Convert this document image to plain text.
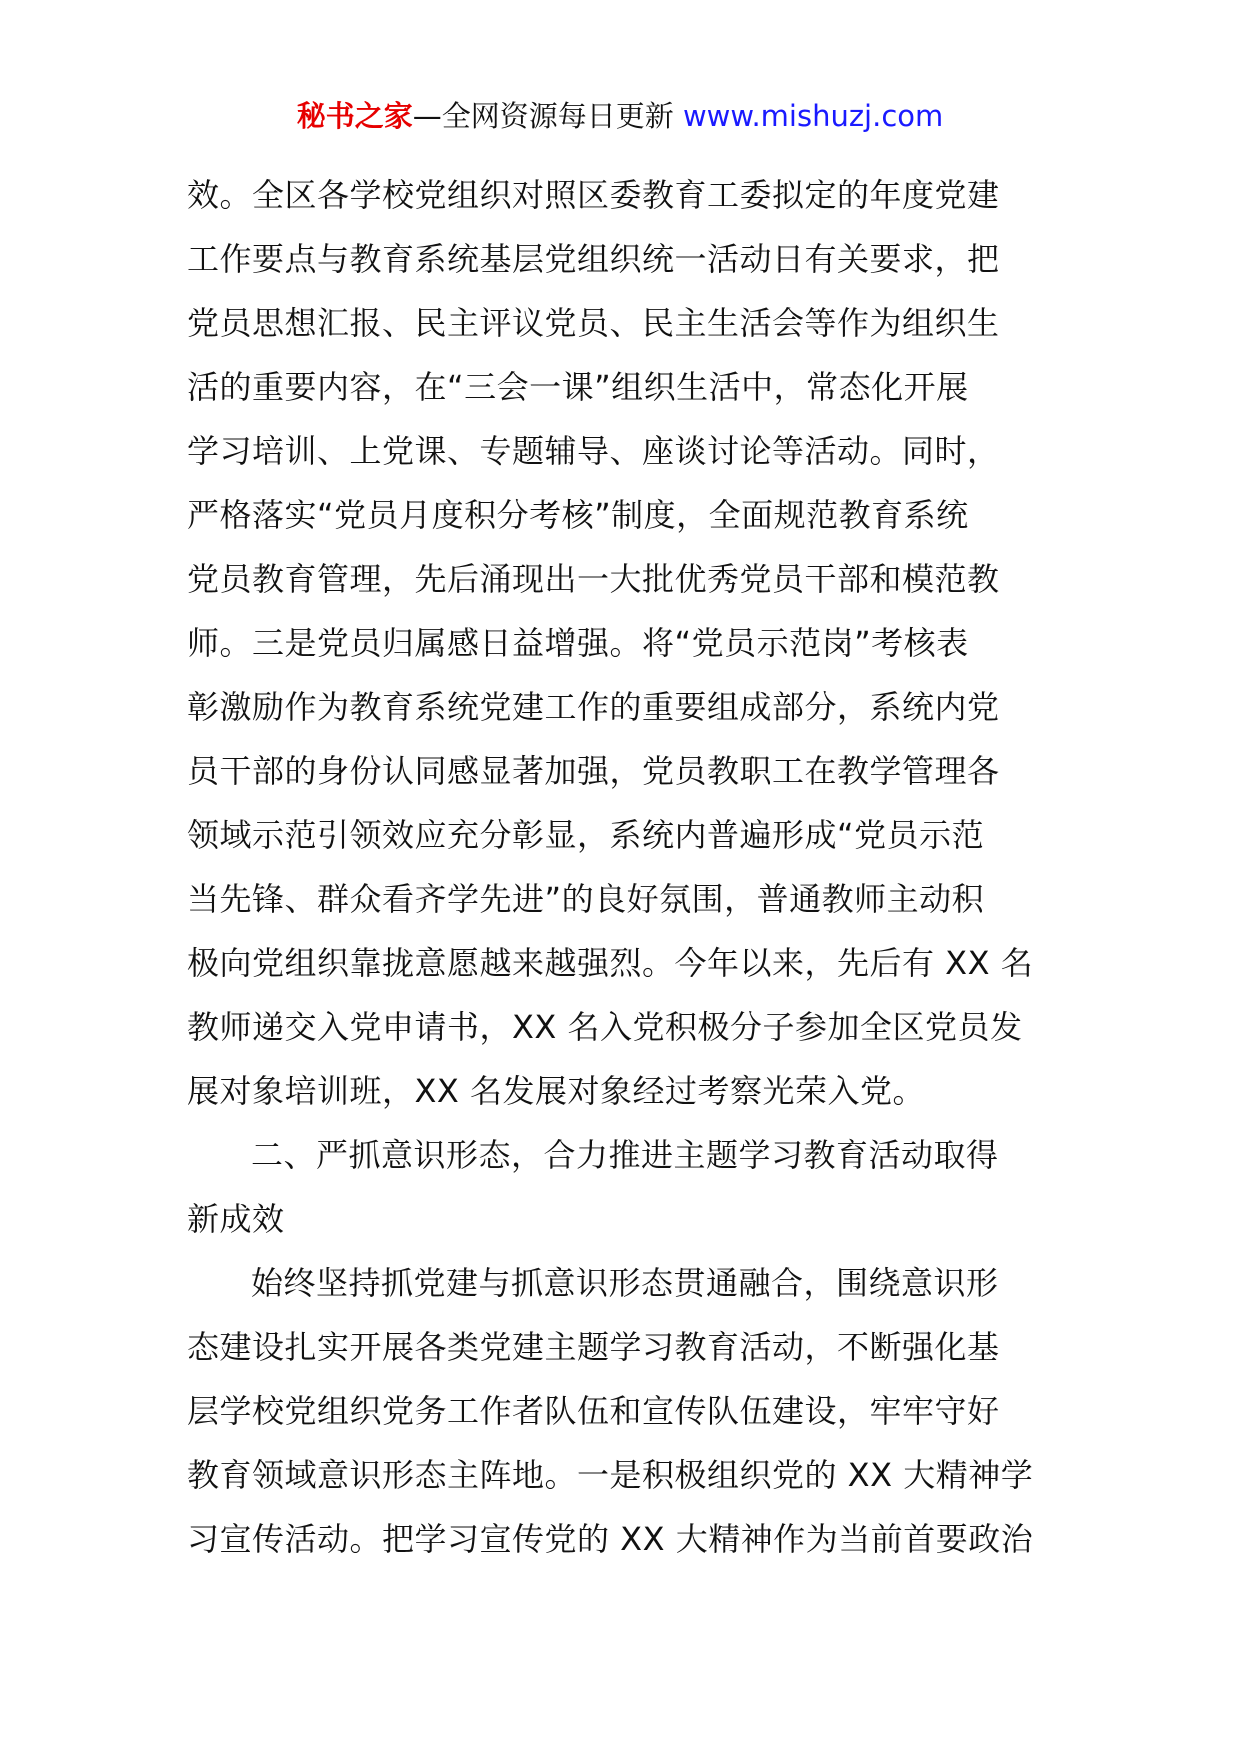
秘书之家—全网资源每日更新 www.mishuzj.com
效。全区各学校党组织对照区委教育工委拟定的年度党建
工作要点与教育系统基层党组织统一活动日有关要求，把
党员思想汇报、民主评议党员、民主生活会等作为组织生
活的重要内容，在“三会一课”组织生活中，常态化开展
学习培训、上党课、专题辅导、座谈讨论等活动。同时，
严格落实“党员月度积分考核”制度，全面规范教育系统
党员教育管理，先后涌现出一大批优秀党员干部和模范教
师。三是党员归属感日益增强。将“党员示范岗”考核表
彰激励作为教育系统党建工作的重要组成部分，系统内党
员干部的身份认同感显著加强，党员教职工在教学管理各
领域示范引领效应充分彰显，系统内普遍形成“党员示范
当先锋、群众看齐学先进”的良好氛围，普通教师主动积
极向党组织靠拢意愿越来越强烈。今年以来，先后有 XX 名
教师递交入党申请书，XX 名入党积极分子参加全区党员发
展对象培训班，XX 名发展对象经过考察光荣入党。
二、严抓意识形态，合力推进主题学习教育活动取得
新成效
始终坚持抓党建与抓意识形态贯通融合，围绕意识形
态建设扎实开展各类党建主题学习教育活动，不断强化基
层学校党组织党务工作者队伍和宣传队伍建设，牢牢守好
教育领域意识形态主阵地。一是积极组织党的 XX 大精神学
习宣传活动。把学习宣传党的 XX 大精神作为当前首要政治
